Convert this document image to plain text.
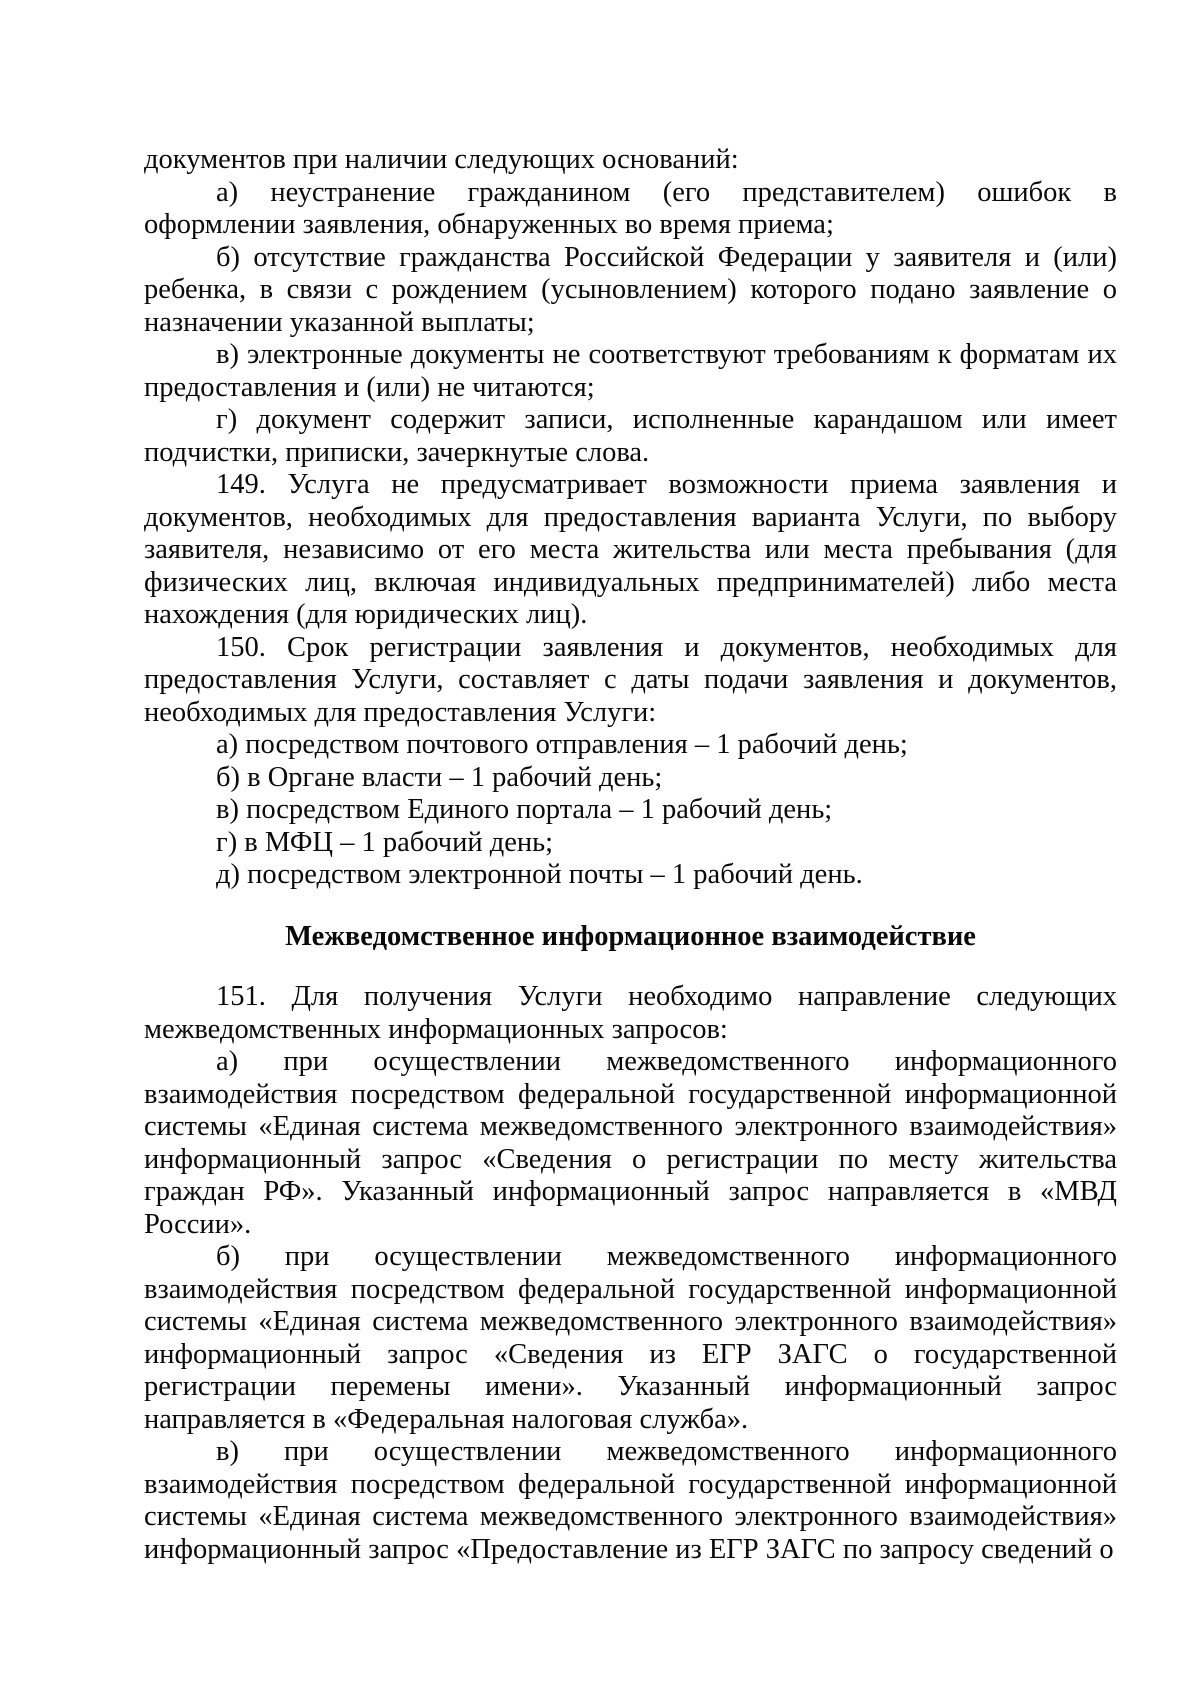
документов при наличии следующих оснований:

а) неустранение гражданином (его представителем) ошибок в оформлении заявления, обнаруженных во время приема;

б) отсутствие гражданства Российской Федерации у заявителя и (или) ребенка, в связи с рождением (усыновлением) которого подано заявление о назначении указанной выплаты;

в) электронные документы не соответствуют требованиям к форматам их предоставления и (или) не читаются;

г) документ содержит записи, исполненные карандашом или имеет подчистки, приписки, зачеркнутые слова.

149. Услуга не предусматривает возможности приема заявления и документов, необходимых для предоставления варианта Услуги, по выбору заявителя, независимо от его места жительства или места пребывания (для физических лиц, включая индивидуальных предпринимателей) либо места нахождения (для юридических лиц).

150. Срок регистрации заявления и документов, необходимых для предоставления Услуги, составляет с даты подачи заявления и документов, необходимых для предоставления Услуги:

а) посредством почтового отправления – 1 рабочий день;

б) в Органе власти – 1 рабочий день;

в) посредством Единого портала – 1 рабочий день;

г) в МФЦ – 1 рабочий день;

д) посредством электронной почты – 1 рабочий день.

Межведомственное информационное взаимодействие

151. Для получения Услуги необходимо направление следующих межведомственных информационных запросов:

а) при осуществлении межведомственного информационного взаимодействия посредством федеральной государственной информационной системы «Единая система межведомственного электронного взаимодействия» информационный запрос «Сведения о регистрации по месту жительства граждан РФ». Указанный информационный запрос направляется в «МВД России».

б) при осуществлении межведомственного информационного взаимодействия посредством федеральной государственной информационной системы «Единая система межведомственного электронного взаимодействия» информационный запрос «Сведения из ЕГР ЗАГС о государственной регистрации перемены имени». Указанный информационный запрос направляется в «Федеральная налоговая служба».

в) при осуществлении межведомственного информационного взаимодействия посредством федеральной государственной информационной системы «Единая система межведомственного электронного взаимодействия» информационный запрос «Предоставление из ЕГР ЗАГС по запросу сведений о
